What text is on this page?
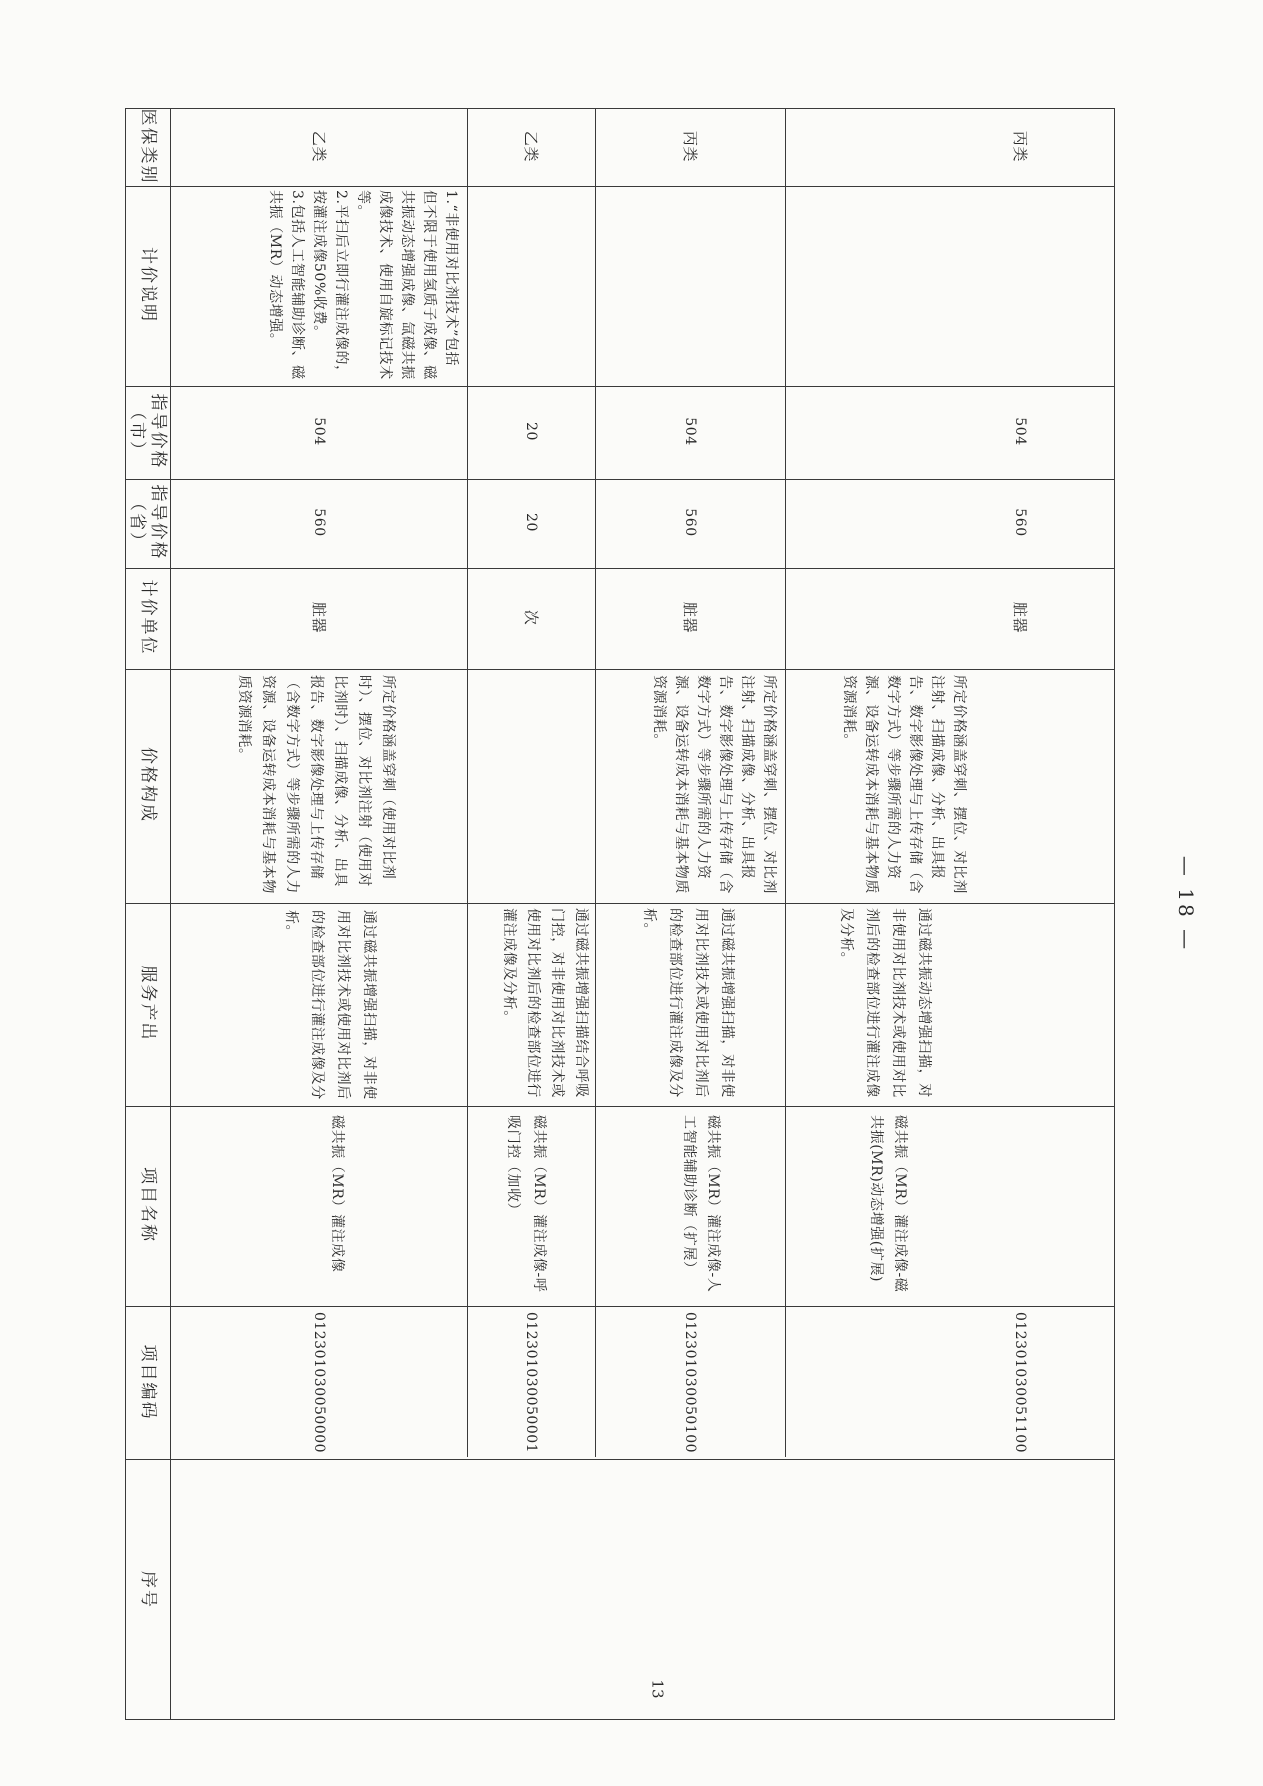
医保类别
计价说明
指导价格（市）
指导价格（省）
计价单位
价格构成
服务产出
项目名称
项目编码
序号
乙类
1.“非使用对比剂技术”包括但不限于使用氢质子成像、磁共振动态增强成像、氙磁共振成像技术、使用自旋标记技术等。
2.平扫后立即行灌注成像的，按灌注成像50%收费。
3.包括人工智能辅助诊断、磁共振（MR）动态增强。
504
560
脏器
所定价格涵盖穿刺（使用对比剂时）、摆位、对比剂注射（使用对比剂时）、扫描成像、分析、出具报告、数字影像处理与上传存储（含数字方式）等步骤所需的人力资源、设备运转成本消耗与基本物质资源消耗。
通过磁共振增强扫描，对非使用对比剂技术或使用对比剂后的检查部位进行灌注成像及分析。
磁共振（MR）灌注成像
012301030050000
乙类
20
20
次
通过磁共振增强扫描结合呼吸门控，对非使用对比剂技术或使用对比剂后的检查部位进行灌注成像及分析。
磁共振（MR）灌注成像-呼吸门控（加收）
012301030050001
丙类
504
560
脏器
所定价格涵盖穿刺、摆位、对比剂注射、扫描成像、分析、出具报告、数字影像处理与上传存储（含数字方式）等步骤所需的人力资源、设备运转成本消耗与基本物质资源消耗。
通过磁共振增强扫描，对非使用对比剂技术或使用对比剂后的检查部位进行灌注成像及分析。
磁共振（MR）灌注成像-人工智能辅助诊断（扩展）
012301030050100
丙类
504
560
脏器
所定价格涵盖穿刺、摆位、对比剂注射、扫描成像、分析、出具报告、数字影像处理与上传存储（含数字方式）等步骤所需的人力资源、设备运转成本消耗与基本物质资源消耗。
通过磁共振动态增强扫描，对非使用对比剂技术或使用对比剂后的检查部位进行灌注成像及分析。
磁共振（MR）灌注成像-磁共振(MR)动态增强(扩展)
012301030051100
13
— 18 —
